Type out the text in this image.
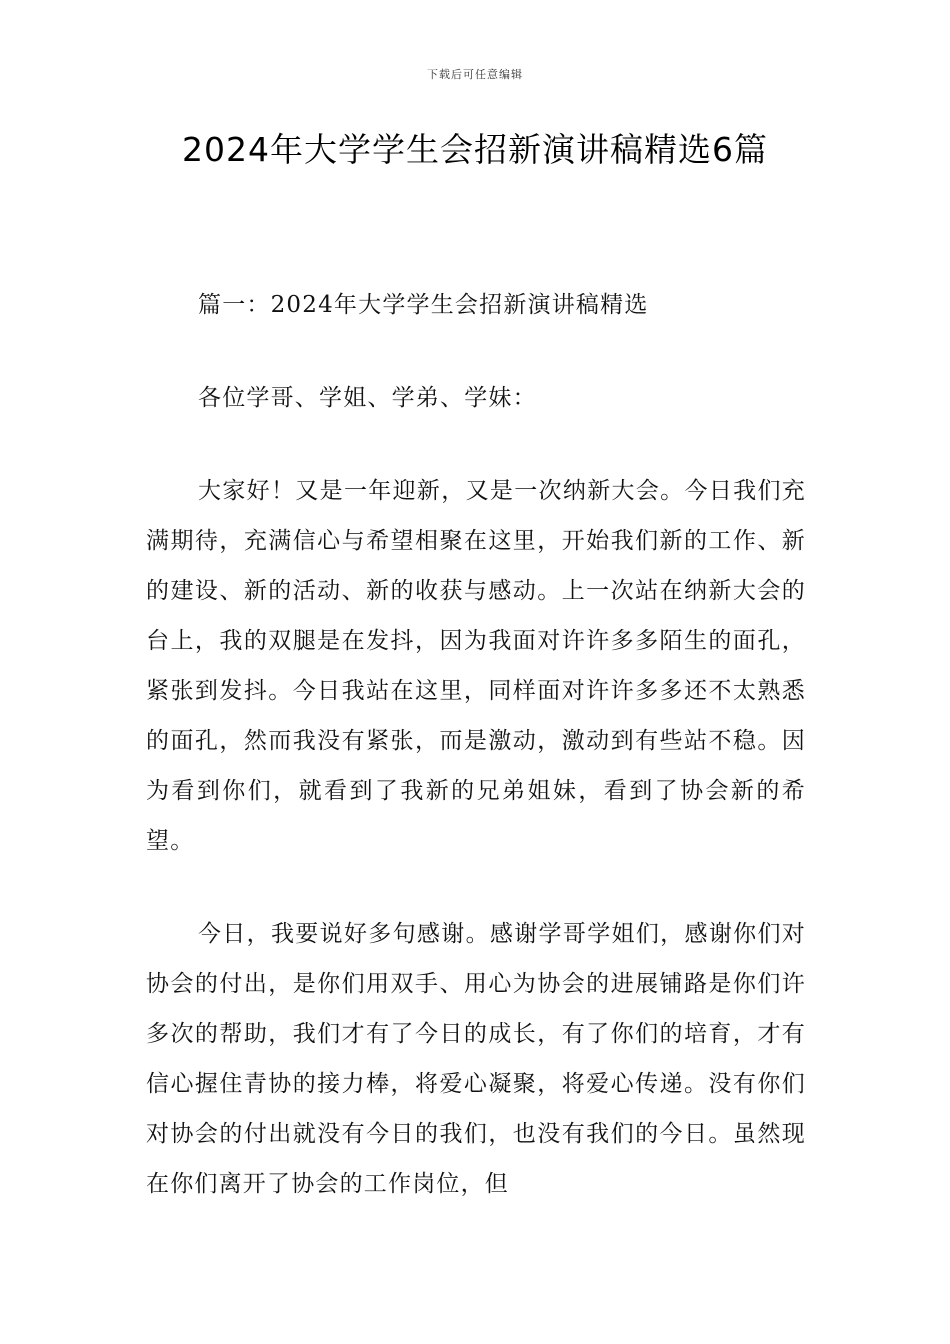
下载后可任意编辑
2024年大学学生会招新演讲稿精选6篇

篇一：2024年大学学生会招新演讲稿精选

各位学哥、学姐、学弟、学妹：

大家好！又是一年迎新，又是一次纳新大会。今日我们充满期待，充满信心与希望相聚在这里，开始我们新的工作、新的建设、新的活动、新的收获与感动。上一次站在纳新大会的台上，我的双腿是在发抖，因为我面对许许多多陌生的面孔，紧张到发抖。今日我站在这里，同样面对许许多多还不太熟悉的面孔，然而我没有紧张，而是激动，激动到有些站不稳。因为看到你们，就看到了我新的兄弟姐妹，看到了协会新的希望。

今日，我要说好多句感谢。感谢学哥学姐们，感谢你们对协会的付出，是你们用双手、用心为协会的进展铺路是你们许多次的帮助，我们才有了今日的成长，有了你们的培育，才有信心握住青协的接力棒，将爱心凝聚，将爱心传递。没有你们对协会的付出就没有今日的我们，也没有我们的今日。虽然现在你们离开了协会的工作岗位，但
